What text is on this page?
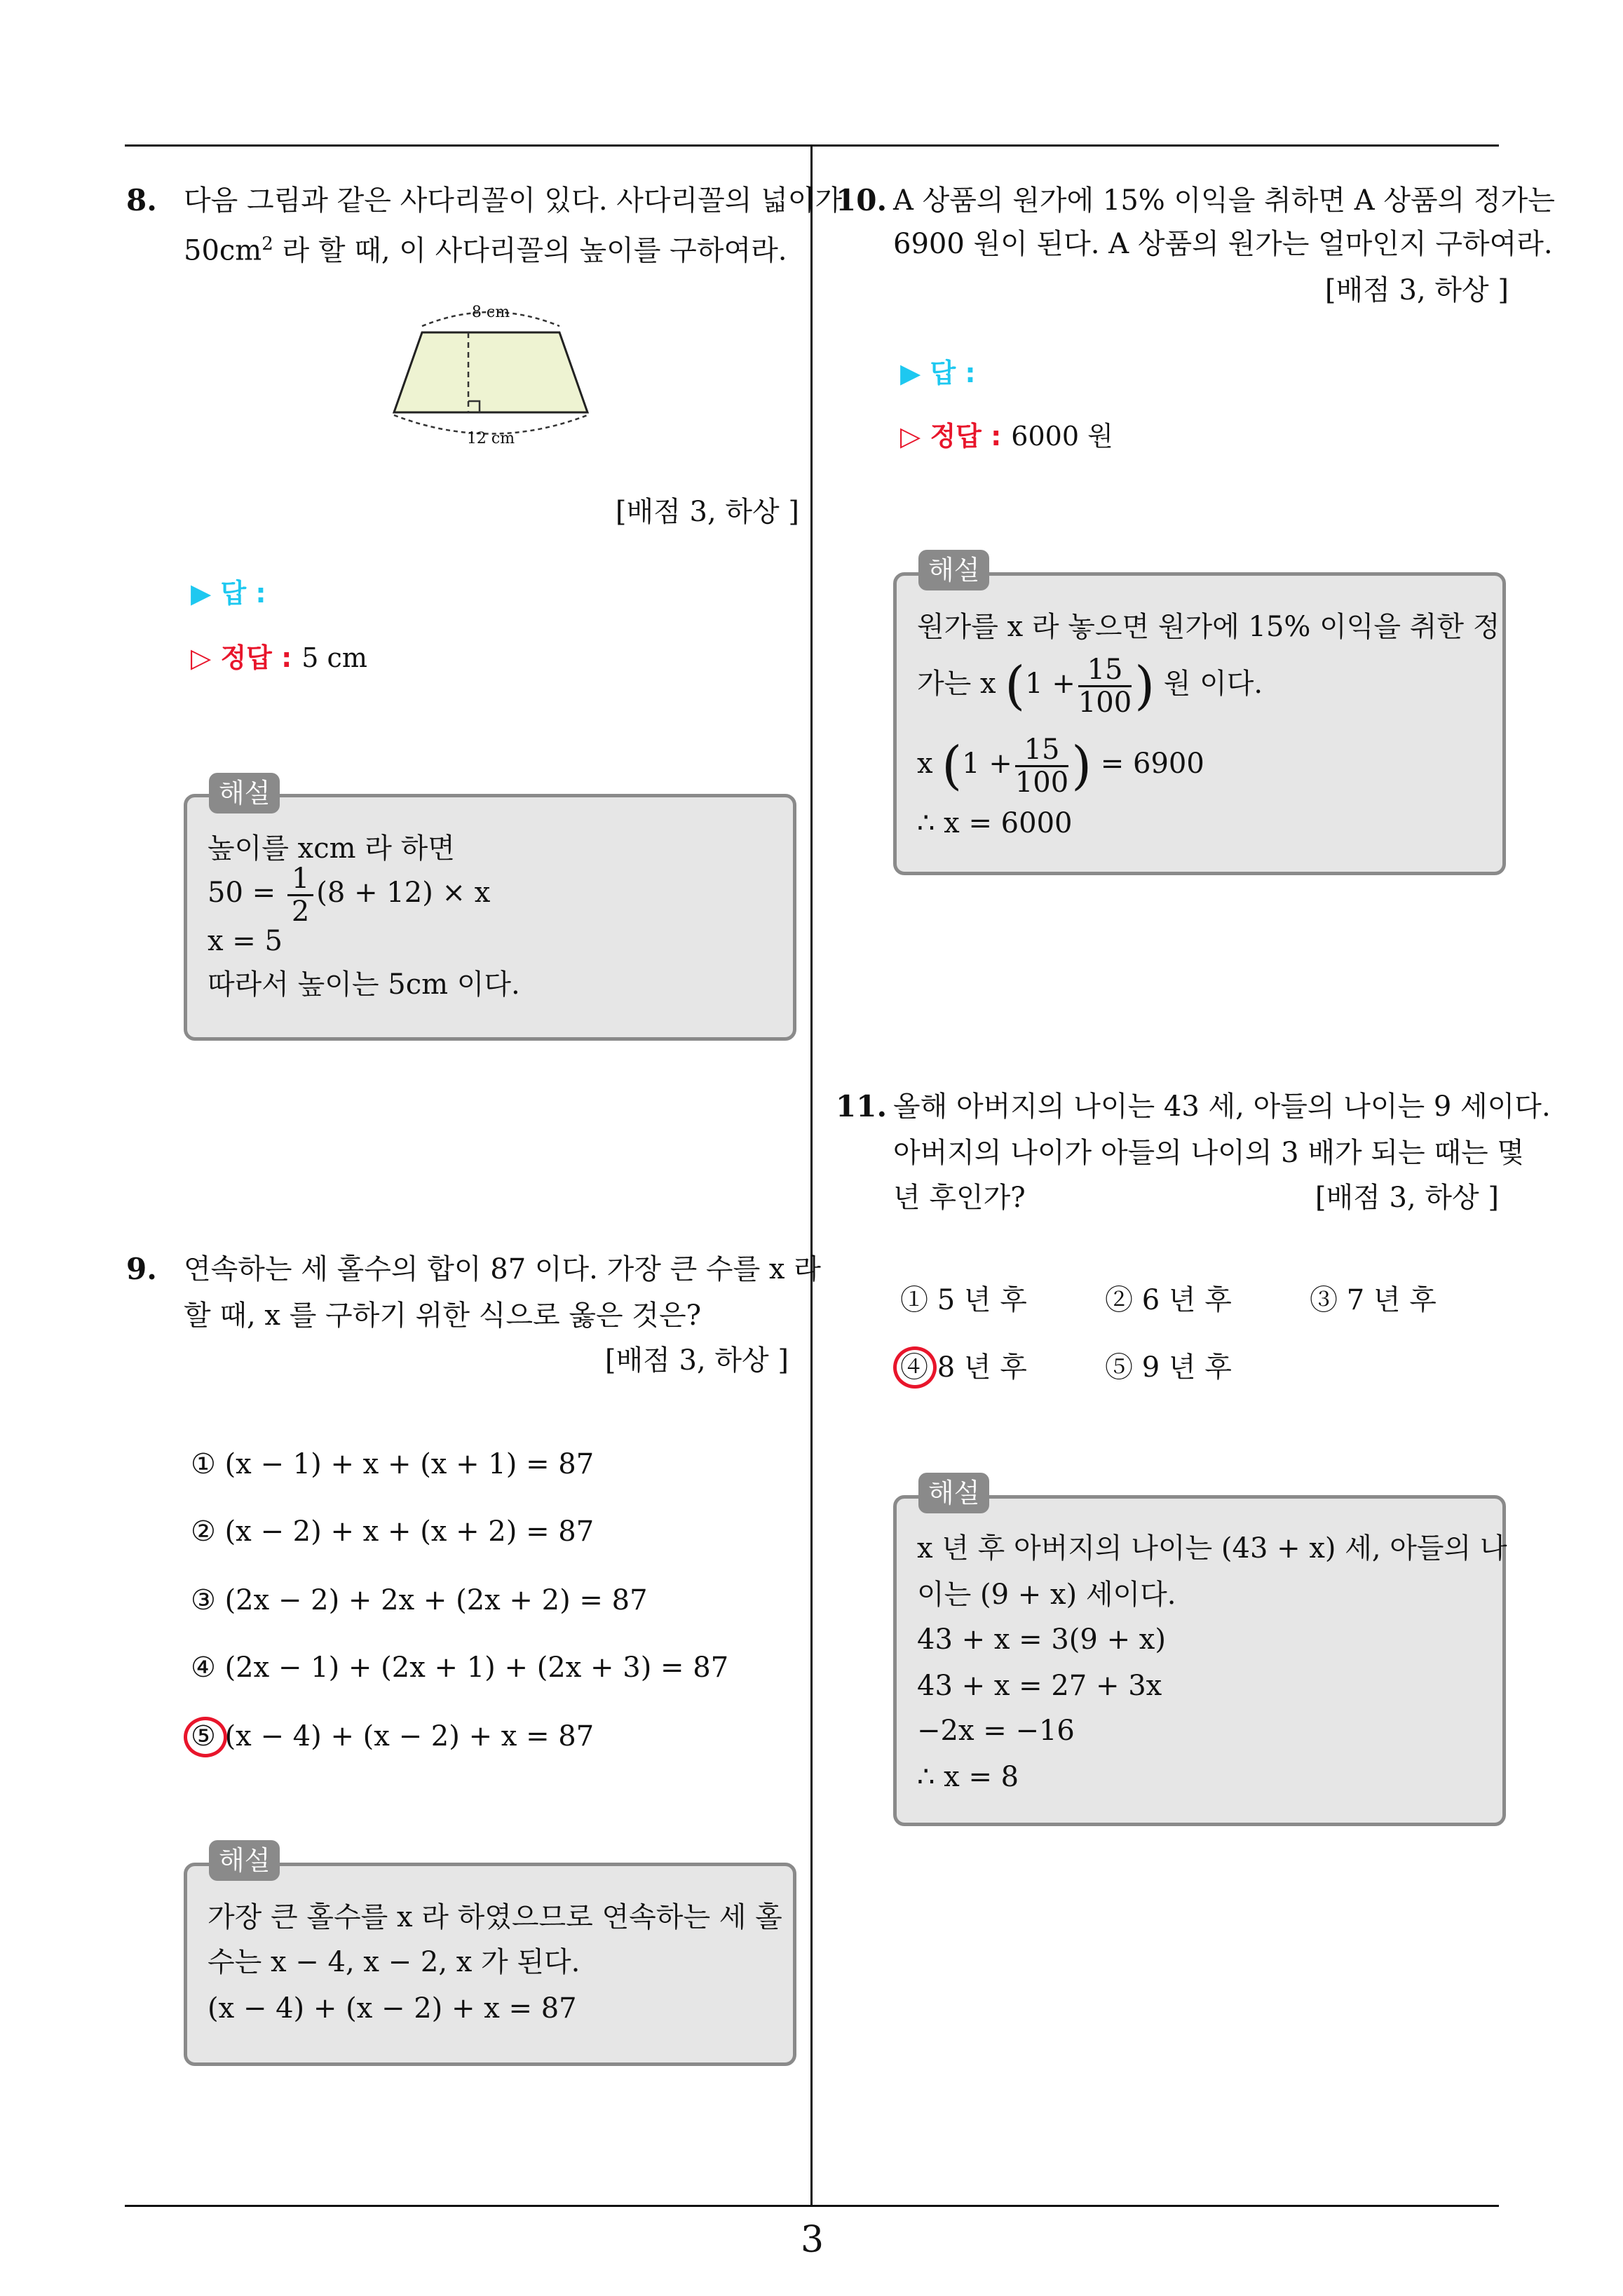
8. 다음 그림과 같은 사다리꼴이 있다. 사다리꼴의 넓이가
$50cm^2$ 라 할 때, 이 사다리꼴의 높이를 구하여라.
8 cm
12 cm
[배점 3, 하상 ]
▶ 답 :
▷ 정답 : 5 cm
해설
높이를 xcm 라 하면
$50 = \frac{1}{2} (8 + 12) \times x$
x = 5
따라서 높이는 5cm 이다.
9. 연속하는 세 홀수의 합이 87 이다. 가장 큰 수를 x 라
할 때, x 를 구하기 위한 식으로 옳은 것은?
[배점 3, 하상 ]
① (x − 1) + x + (x + 1) = 87
② (x − 2) + x + (x + 2) = 87
③ (2x − 2) + 2x + (2x + 2) = 87
④ (2x − 1) + (2x + 1) + (2x + 3) = 87
⑤ (x − 4) + (x − 2) + x = 87
해설
가장 큰 홀수를 x 라 하였으므로 연속하는 세 홀
수는 x − 4, x − 2, x 가 된다.
(x − 4) + (x − 2) + x = 87
10. A 상품의 원가에 15% 이익을 취하면 A 상품의 정가는
6900 원이 된다. A 상품의 원가는 얼마인지 구하여라.
[배점 3, 하상 ]
▶ 답 :
▷ 정답 : 6000 원
해설
원가를 x 라 놓으면 원가에 15% 이익을 취한 정
가는 x ($1 + \frac{15}{100}$ ) 원 이다.
x ($1 + \frac{15}{100}$ ) = 6900
∴ x = 6000
11. 올해 아버지의 나이는 43 세, 아들의 나이는 9 세이다.
아버지의 나이가 아들의 나이의 3 배가 되는 때는 몇
년 후인가?	[배점 3, 하상 ]
① 5 년 후	② 6 년 후	③ 7 년 후
④ 8 년 후	⑤ 9 년 후
해설
x 년 후 아버지의 나이는 (43 + x) 세, 아들의 나
이는 (9 + x) 세이다.
43 + x = 3(9 + x)
43 + x = 27 + 3x
−2x = −16
∴ x = 8
3
